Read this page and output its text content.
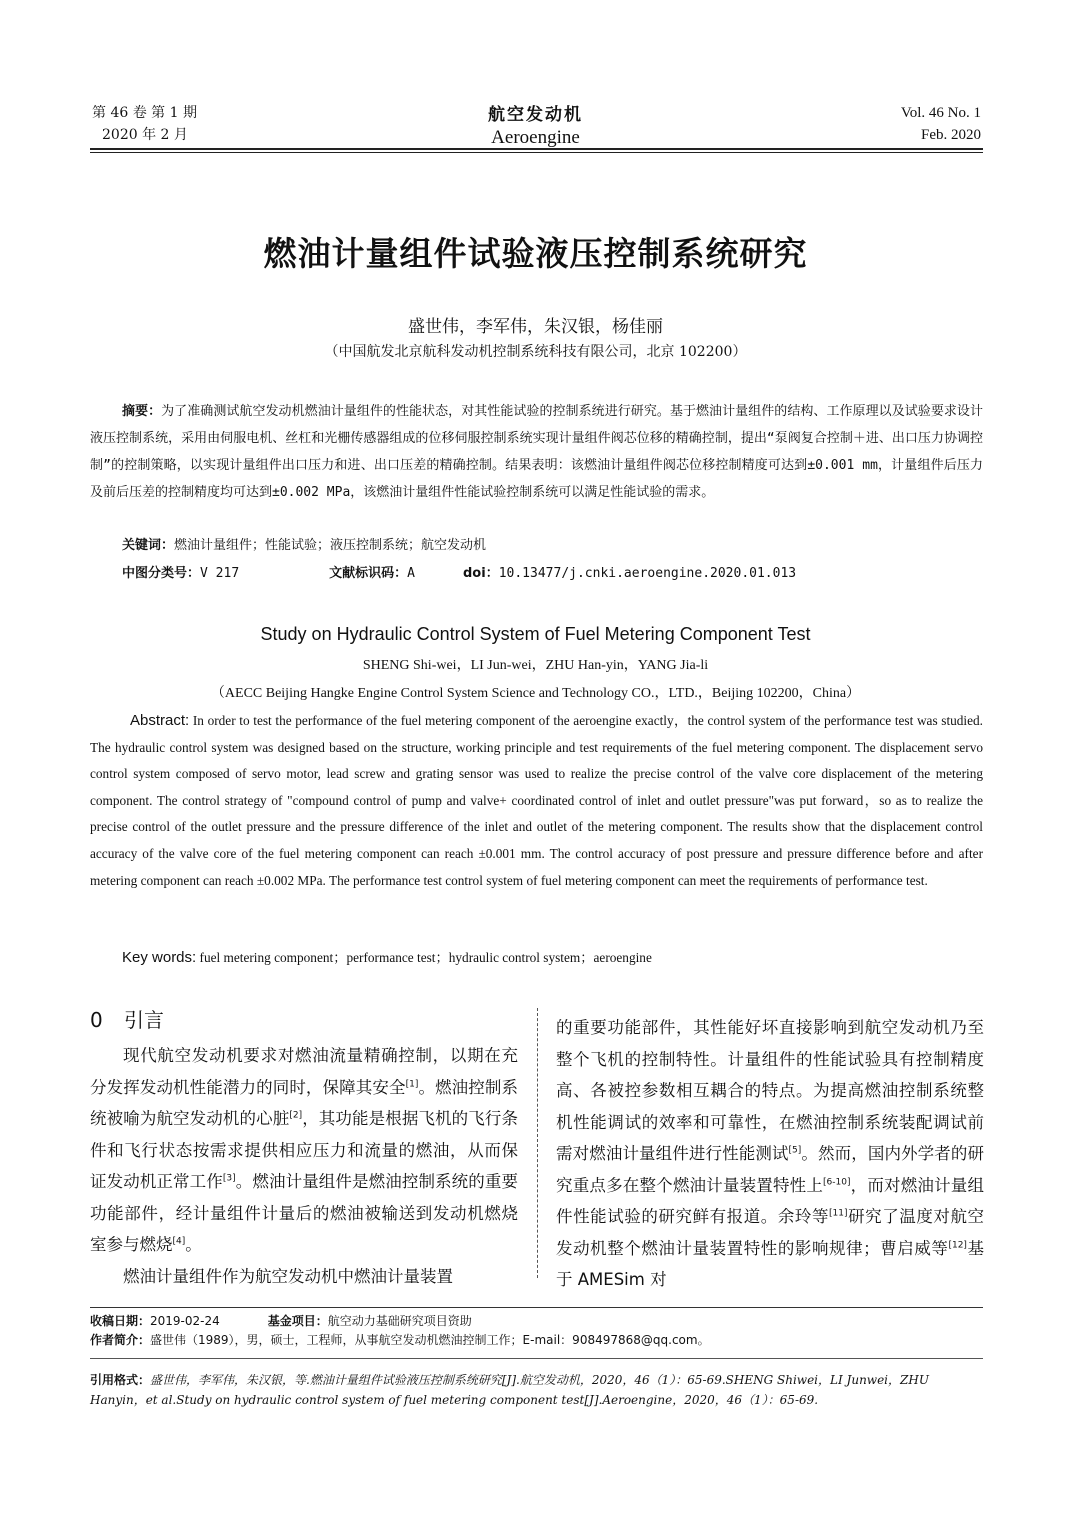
第 46 卷 第 1 期
2020 年 2 月
航空发动机
Aeroengine
Vol. 46 No. 1
Feb. 2020
燃油计量组件试验液压控制系统研究
盛世伟，李军伟，朱汉银，杨佳丽
（中国航发北京航科发动机控制系统科技有限公司，北京 102200）
摘要：为了准确测试航空发动机燃油计量组件的性能状态，对其性能试验的控制系统进行研究。基于燃油计量组件的结构、工作原理以及试验要求设计液压控制系统，采用由伺服电机、丝杠和光栅传感器组成的位移伺服控制系统实现计量组件阀芯位移的精确控制，提出“泵阀复合控制＋进、出口压力协调控制”的控制策略，以实现计量组件出口压力和进、出口压差的精确控制。结果表明：该燃油计量组件阀芯位移控制精度可达到±0.001 mm，计量组件后压力及前后压差的控制精度均可达到±0.002 MPa，该燃油计量组件性能试验控制系统可以满足性能试验的需求。
关键词：燃油计量组件；性能试验；液压控制系统；航空发动机
中图分类号：V 217	文献标识码：A	doi：10.13477/j.cnki.aeroengine.2020.01.013
Study on Hydraulic Control System of Fuel Metering Component Test
SHENG Shi-wei，LI Jun-wei，ZHU Han-yin，YANG Jia-li
（AECC Beijing Hangke Engine Control System Science and Technology CO.，LTD.，Beijing 102200，China）
Abstract: In order to test the performance of the fuel metering component of the aeroengine exactly，the control system of the performance test was studied. The hydraulic control system was designed based on the structure, working principle and test requirements of the fuel metering component. The displacement servo control system composed of servo motor, lead screw and grating sensor was used to realize the precise control of the valve core displacement of the metering component. The control strategy of "compound control of pump and valve+ coordinated control of inlet and outlet pressure"was put forward，so as to realize the precise control of the outlet pressure and the pressure difference of the inlet and outlet of the metering component. The results show that the displacement control accuracy of the valve core of the fuel metering component can reach ±0.001 mm. The control accuracy of post pressure and pressure difference before and after metering component can reach ±0.002 MPa. The performance test control system of fuel metering component can meet the requirements of performance test.
Key words: fuel metering component；performance test；hydraulic control system；aeroengine
0 引言
现代航空发动机要求对燃油流量精确控制，以期在充分发挥发动机性能潜力的同时，保障其安全[1]。燃油控制系统被喻为航空发动机的心脏[2]，其功能是根据飞机的飞行条件和飞行状态按需求提供相应压力和流量的燃油，从而保证发动机正常工作[3]。燃油计量组件是燃油控制系统的重要功能部件，经计量组件计量后的燃油被输送到发动机燃烧室参与燃烧[4]。
燃油计量组件作为航空发动机中燃油计量装置
的重要功能部件，其性能好坏直接影响到航空发动机乃至整个飞机的控制特性。计量组件的性能试验具有控制精度高、各被控参数相互耦合的特点。为提高燃油控制系统整机性能调试的效率和可靠性，在燃油控制系统装配调试前需对燃油计量组件进行性能测试[5]。然而，国内外学者的研究重点多在整个燃油计量装置特性上[6-10]，而对燃油计量组件性能试验的研究鲜有报道。余玲等[11]研究了温度对航空发动机整个燃油计量装置特性的影响规律；曹启威等[12]基于 AMESim 对
收稿日期：2019-02-24	基金项目：航空动力基础研究项目资助
作者简介：盛世伟（1989），男，硕士，工程师，从事航空发动机燃油控制工作；E-mail：908497868@qq.com。
引用格式：盛世伟，李军伟，朱汉银，等.燃油计量组件试验液压控制系统研究[J].航空发动机，2020，46（1）：65-69.SHENG Shiwei，LI Junwei，ZHU Hanyin，et al.Study on hydraulic control system of fuel metering component test[J].Aeroengine，2020，46（1）：65-69.
